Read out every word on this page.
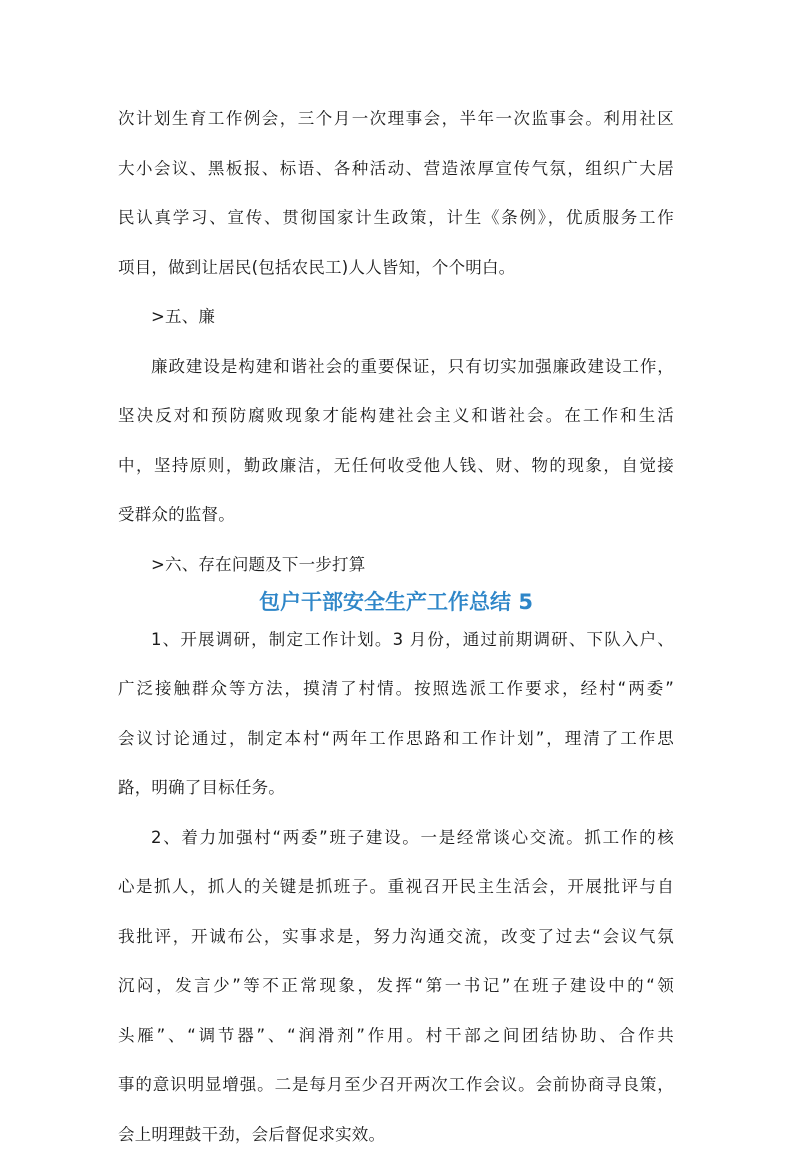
次计划生育工作例会，三个月一次理事会，半年一次监事会。利用社区

大小会议、黑板报、标语、各种活动、营造浓厚宣传气氛，组织广大居

民认真学习、宣传、贯彻国家计生政策，计生《条例》，优质服务工作

项目，做到让居民(包括农民工)人人皆知，个个明白。

>五、廉

廉政建设是构建和谐社会的重要保证，只有切实加强廉政建设工作，

坚决反对和预防腐败现象才能构建社会主义和谐社会。在工作和生活

中，坚持原则，勤政廉洁，无任何收受他人钱、财、物的现象，自觉接

受群众的监督。

>六、存在问题及下一步打算

包户干部安全生产工作总结 5

1、开展调研，制定工作计划。3 月份，通过前期调研、下队入户、

广泛接触群众等方法，摸清了村情。按照选派工作要求，经村“两委”

会议讨论通过，制定本村“两年工作思路和工作计划”，理清了工作思

路，明确了目标任务。

2、着力加强村“两委”班子建设。一是经常谈心交流。抓工作的核

心是抓人，抓人的关键是抓班子。重视召开民主生活会，开展批评与自

我批评，开诚布公，实事求是，努力沟通交流，改变了过去“会议气氛

沉闷，发言少”等不正常现象，发挥“第一书记”在班子建设中的“领

头雁”、“调节器”、“润滑剂”作用。村干部之间团结协助、合作共

事的意识明显增强。二是每月至少召开两次工作会议。会前协商寻良策，

会上明理鼓干劲，会后督促求实效。
